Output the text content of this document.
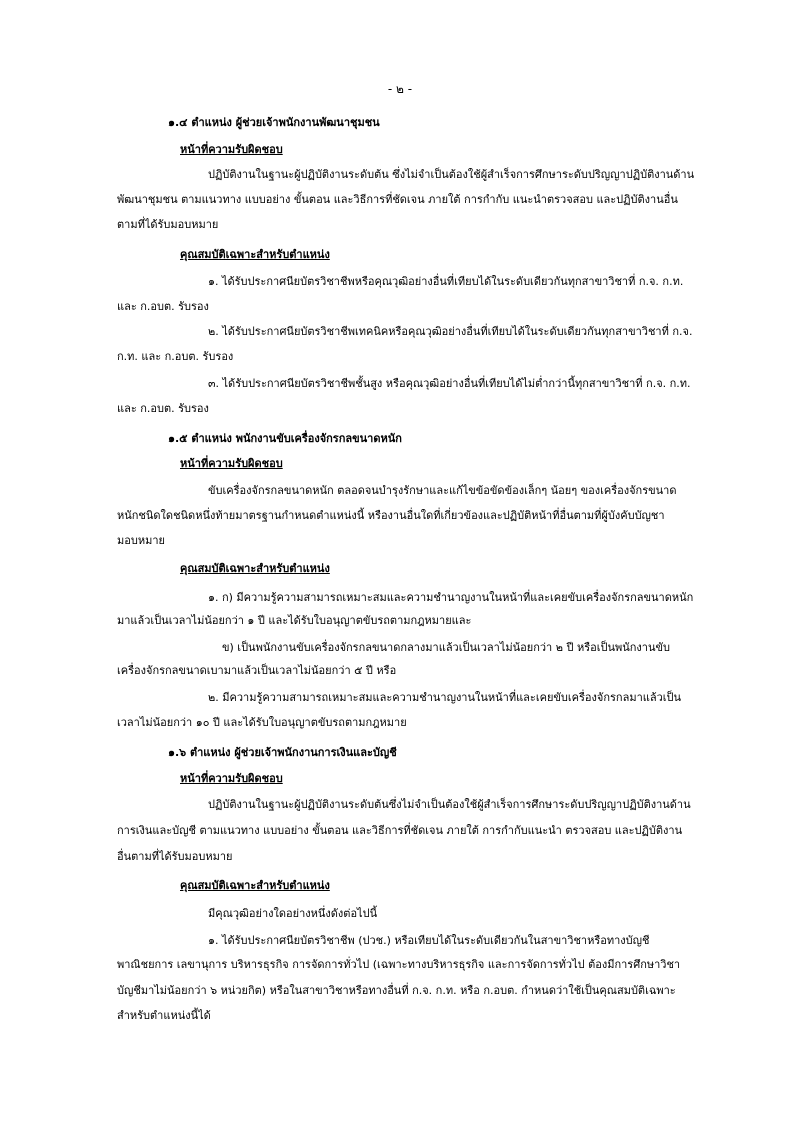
- ๒ -
๑.๔ ตำแหน่ง ผู้ช่วยเจ้าพนักงานพัฒนาชุมชน
หน้าที่ความรับผิดชอบ
ปฏิบัติงานในฐานะผู้ปฏิบัติงานระดับต้น ซึ่งไม่จำเป็นต้องใช้ผู้สำเร็จการศึกษาระดับปริญญาปฏิบัติงานด้าน
พัฒนาชุมชน ตามแนวทาง แบบอย่าง ขั้นตอน และวิธีการที่ชัดเจน ภายใต้ การกำกับ แนะนำตรวจสอบ และปฏิบัติงานอื่น
ตามที่ได้รับมอบหมาย
คุณสมบัติเฉพาะสำหรับตำแหน่ง
๑. ได้รับประกาศนียบัตรวิชาชีพหรือคุณวุฒิอย่างอื่นที่เทียบได้ในระดับเดียวกันทุกสาขาวิชาที่ ก.จ. ก.ท.
และ ก.อบต. รับรอง
๒. ได้รับประกาศนียบัตรวิชาชีพเทคนิคหรือคุณวุฒิอย่างอื่นที่เทียบได้ในระดับเดียวกันทุกสาขาวิชาที่ ก.จ.
ก.ท. และ ก.อบต. รับรอง
๓. ได้รับประกาศนียบัตรวิชาชีพชั้นสูง หรือคุณวุฒิอย่างอื่นที่เทียบได้ไม่ต่ำกว่านี้ทุกสาขาวิชาที่ ก.จ. ก.ท.
และ ก.อบต. รับรอง
๑.๕ ตำแหน่ง พนักงานขับเครื่องจักรกลขนาดหนัก
หน้าที่ความรับผิดชอบ
ขับเครื่องจักรกลขนาดหนัก ตลอดจนบำรุงรักษาและแก้ไขข้อขัดข้องเล็กๆ น้อยๆ ของเครื่องจักรขนาด
หนักชนิดใดชนิดหนึ่งท้ายมาตรฐานกำหนดตำแหน่งนี้ หรืองานอื่นใดที่เกี่ยวข้องและปฏิบัติหน้าที่อื่นตามที่ผู้บังคับบัญชา
มอบหมาย
คุณสมบัติเฉพาะสำหรับตำแหน่ง
๑. ก) มีความรู้ความสามารถเหมาะสมและความชำนาญงานในหน้าที่และเคยขับเครื่องจักรกลขนาดหนัก
มาแล้วเป็นเวลาไม่น้อยกว่า ๑ ปี และได้รับใบอนุญาตขับรถตามกฎหมายและ
ข) เป็นพนักงานขับเครื่องจักรกลขนาดกลางมาแล้วเป็นเวลาไม่น้อยกว่า ๒ ปี หรือเป็นพนักงานขับ
เครื่องจักรกลขนาดเบามาแล้วเป็นเวลาไม่น้อยกว่า ๕ ปี หรือ
๒. มีความรู้ความสามารถเหมาะสมและความชำนาญงานในหน้าที่และเคยขับเครื่องจักรกลมาแล้วเป็น
เวลาไม่น้อยกว่า ๑๐ ปี และได้รับใบอนุญาตขับรถตามกฎหมาย
๑.๖ ตำแหน่ง ผู้ช่วยเจ้าพนักงานการเงินและบัญชี
หน้าที่ความรับผิดชอบ
ปฏิบัติงานในฐานะผู้ปฏิบัติงานระดับต้นซึ่งไม่จำเป็นต้องใช้ผู้สำเร็จการศึกษาระดับปริญญาปฏิบัติงานด้าน
การเงินและบัญชี ตามแนวทาง แบบอย่าง ขั้นตอน และวิธีการที่ชัดเจน ภายใต้ การกำกับแนะนำ ตรวจสอบ และปฏิบัติงาน
อื่นตามที่ได้รับมอบหมาย
คุณสมบัติเฉพาะสำหรับตำแหน่ง
มีคุณวุฒิอย่างใดอย่างหนึ่งดังต่อไปนี้
๑. ได้รับประกาศนียบัตรวิชาชีพ (ปวช.) หรือเทียบได้ในระดับเดียวกันในสาขาวิชาหรือทางบัญชี
พาณิชยการ เลขานุการ บริหารธุรกิจ การจัดการทั่วไป (เฉพาะทางบริหารธุรกิจ และการจัดการทั่วไป ต้องมีการศึกษาวิชา
บัญชีมาไม่น้อยกว่า ๖ หน่วยกิต) หรือในสาขาวิชาหรือทางอื่นที่ ก.จ. ก.ท. หรือ ก.อบต. กำหนดว่าใช้เป็นคุณสมบัติเฉพาะ
สำหรับตำแหน่งนี้ได้
